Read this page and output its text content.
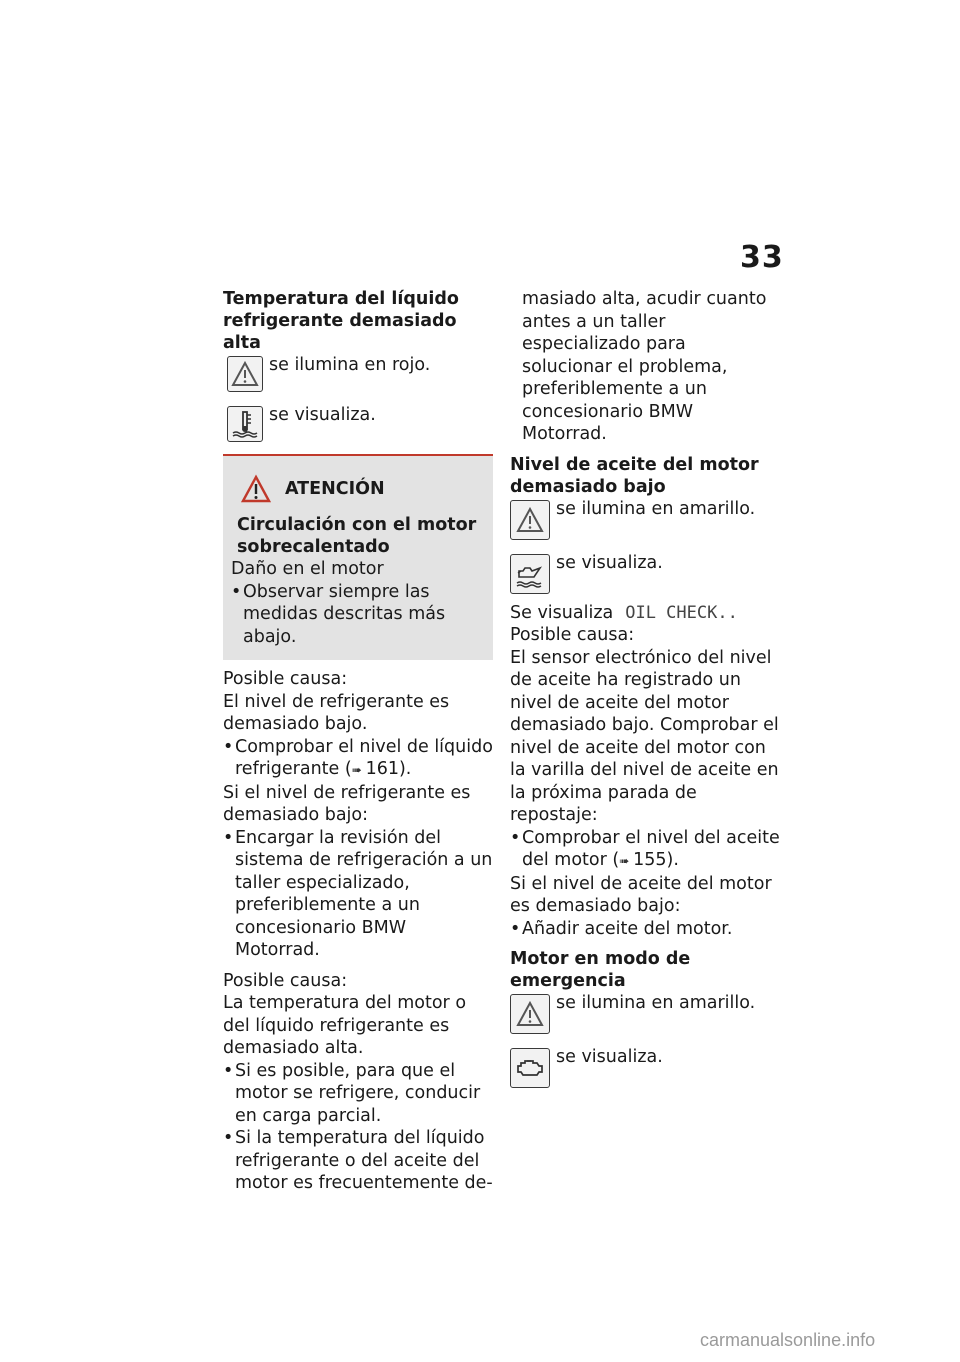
33

Temperatura del líquido refrigerante demasiado alta

se ilumina en rojo.
se visualiza.
ATENCIÓN

Circulación con el motor sobrecalentado

Daño en el motor

• Observar siempre las medidas descritas más abajo.

Posible causa:

El nivel de refrigerante es demasiado bajo.

• Comprobar el nivel de líquido refrigerante (➠ 161).

Si el nivel de refrigerante es demasiado bajo:

• Encargar la revisión del sistema de refrigeración a un taller especializado, preferiblemente a un concesionario BMW Motorrad.

Posible causa:

La temperatura del motor o del líquido refrigerante es demasiado alta.

• Si es posible, para que el motor se refrigere, conducir en carga parcial.
• Si la temperatura del líquido refrigerante o del aceite del motor es frecuentemente de-

masiado alta, acudir cuanto antes a un taller especializado para solucionar el problema, preferiblemente a un concesionario BMW Motorrad.

Nivel de aceite del motor demasiado bajo

se ilumina en amarillo.
se visualiza.

Se visualiza OIL CHECK..

Posible causa:

El sensor electrónico del nivel de aceite ha registrado un nivel de aceite del motor demasiado bajo. Comprobar el nivel de aceite del motor con la varilla del nivel de aceite en la próxima parada de repostaje:

• Comprobar el nivel del aceite del motor (➠ 155).

Si el nivel de aceite del motor es demasiado bajo:

• Añadir aceite del motor.

Motor en modo de emergencia

se ilumina en amarillo.
se visualiza.
carmanualsonline.info
